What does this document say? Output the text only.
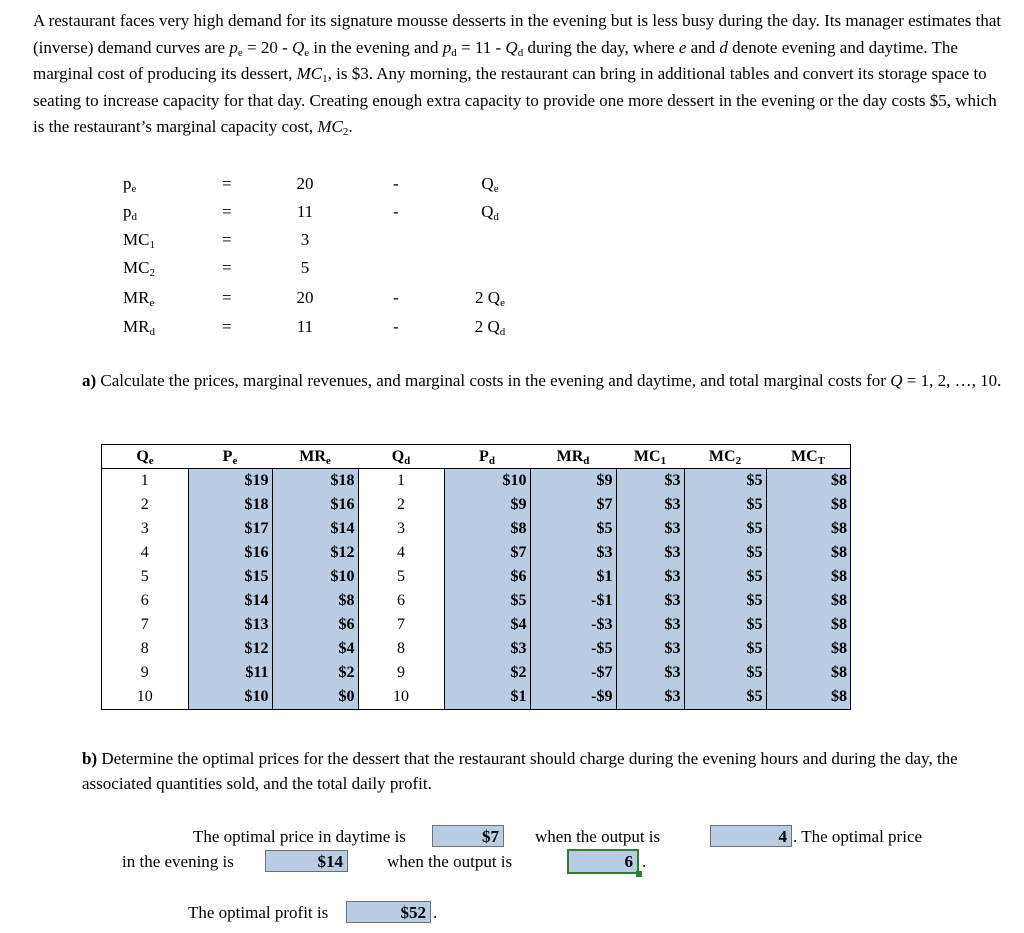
A restaurant faces very high demand for its signature mousse desserts in the evening but is less busy during the day. Its manager estimates that (inverse) demand curves are $p_e = 20 - Q_e$ in the evening and $p_d = 11 - Q_d$ during the day, where e and d denote evening and daytime. The marginal cost of producing its dessert, $MC_1$, is $3. Any morning, the restaurant can bring in additional tables and convert its storage space to seating to increase capacity for that day. Creating enough extra capacity to provide one more dessert in the evening or the day costs $5, which is the restaurant’s marginal capacity cost, $MC_2$.
$p_e$	=	20	-	$Q_e$
$p_d$	=	11	-	$Q_d$
$MC_1$	=	3
$MC_2$	=	5
$MR_e$	=	20	-	2 $Q_e$
$MR_d$	=	11	-	2 $Q_d$
a) Calculate the prices, marginal revenues, and marginal costs in the evening and daytime, and total marginal costs for Q = 1, 2, …, 10.
$Q_e$	$P_e$	$MR_e$	$Q_d$	$P_d$	$MR_d$	$MC_1$	$MC_2$	$MC_T$
1	$19	$18	1	$10	$9	$3	$5	$8
2	$18	$16	2	$9	$7	$3	$5	$8
3	$17	$14	3	$8	$5	$3	$5	$8
4	$16	$12	4	$7	$3	$3	$5	$8
5	$15	$10	5	$6	$1	$3	$5	$8
6	$14	$8	6	$5	-$1	$3	$5	$8
7	$13	$6	7	$4	-$3	$3	$5	$8
8	$12	$4	8	$3	-$5	$3	$5	$8
9	$11	$2	9	$2	-$7	$3	$5	$8
10	$10	$0	10	$1	-$9	$3	$5	$8
b) Determine the optimal prices for the dessert that the restaurant should charge during the evening hours and during the day, the associated quantities sold, and the total daily profit.
The optimal price in daytime is	$7 when the output is	4 . The optimal price
in the evening is	$14	when the output is	6 .
The optimal profit is	$52 .
